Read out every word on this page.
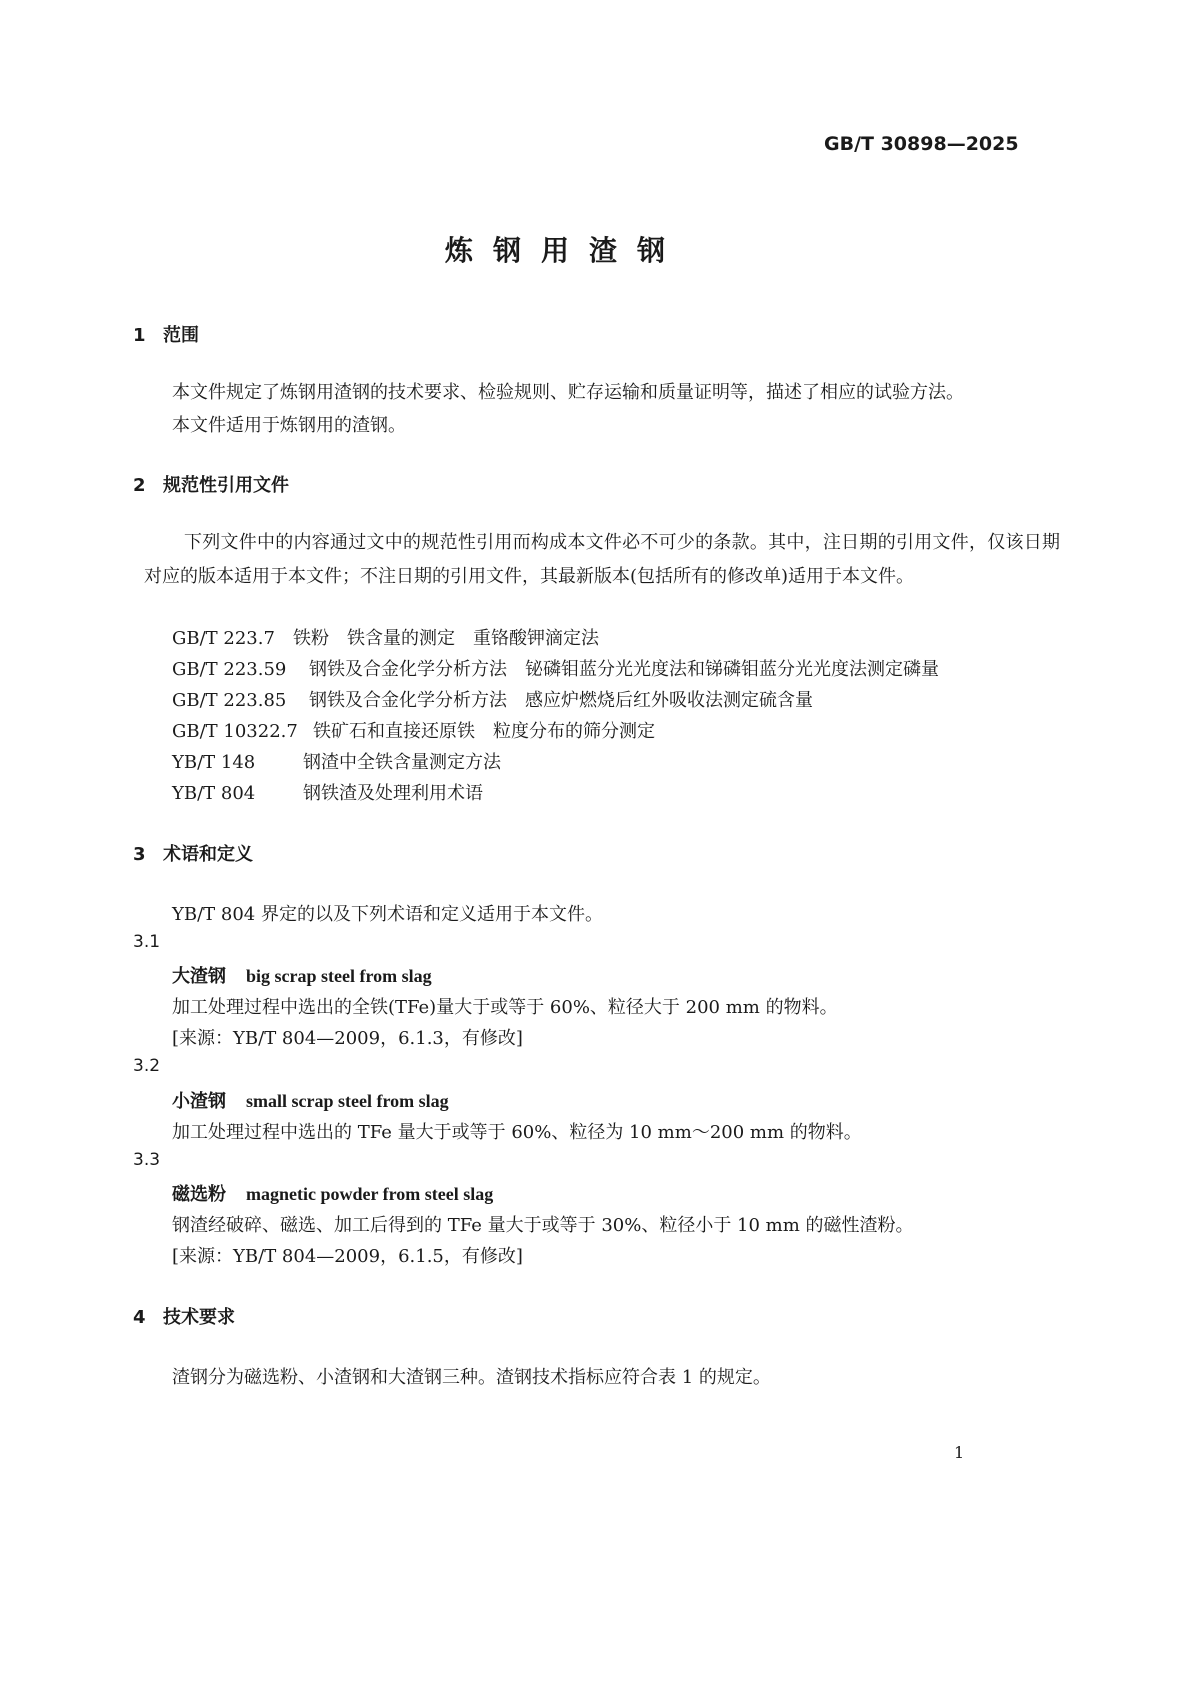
GB/T 30898—2025
炼钢用渣钢
1 范围
本文件规定了炼钢用渣钢的技术要求、检验规则、贮存运输和质量证明等，描述了相应的试验方法。
本文件适用于炼钢用的渣钢。
2 规范性引用文件
下列文件中的内容通过文中的规范性引用而构成本文件必不可少的条款。其中，注日期的引用文件，仅该日期对应的版本适用于本文件；不注日期的引用文件，其最新版本(包括所有的修改单)适用于本文件。
GB/T 223.7 铁粉　铁含量的测定　重铬酸钾滴定法
GB/T 223.59 钢铁及合金化学分析方法　铋磷钼蓝分光光度法和锑磷钼蓝分光光度法测定磷量
GB/T 223.85 钢铁及合金化学分析方法　感应炉燃烧后红外吸收法测定硫含量
GB/T 10322.7 铁矿石和直接还原铁　粒度分布的筛分测定
YB/T 148	钢渣中全铁含量测定方法
YB/T 804	钢铁渣及处理利用术语
3 术语和定义
YB/T 804 界定的以及下列术语和定义适用于本文件。
3.1
大渣钢 big scrap steel from slag
加工处理过程中选出的全铁(TFe)量大于或等于 60%、粒径大于 200 mm 的物料。
[来源：YB/T 804—2009，6.1.3，有修改]
3.2
小渣钢 small scrap steel from slag
加工处理过程中选出的 TFe 量大于或等于 60%、粒径为 10 mm～200 mm 的物料。
3.3
磁选粉 magnetic powder from steel slag
钢渣经破碎、磁选、加工后得到的 TFe 量大于或等于 30%、粒径小于 10 mm 的磁性渣粉。
[来源：YB/T 804—2009，6.1.5，有修改]
4 技术要求
渣钢分为磁选粉、小渣钢和大渣钢三种。渣钢技术指标应符合表 1 的规定。
1
